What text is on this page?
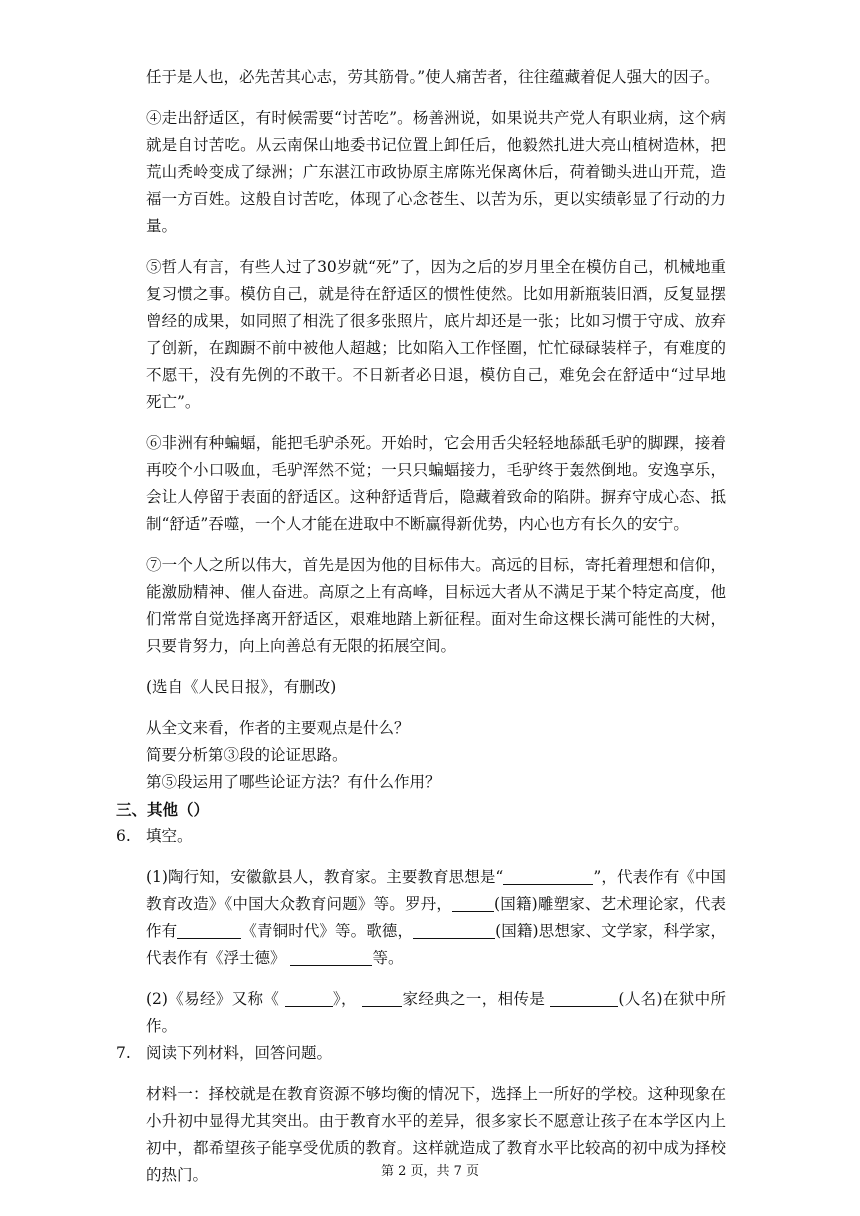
任于是人也，必先苦其心志，劳其筋骨。”使人痛苦者，往往蕴藏着促人强大的因子。

④走出舒适区，有时候需要“讨苦吃”。杨善洲说，如果说共产党人有职业病，这个病就是自讨苦吃。从云南保山地委书记位置上卸任后，他毅然扎进大亮山植树造林，把荒山秃岭变成了绿洲；广东湛江市政协原主席陈光保离休后，荷着锄头进山开荒，造福一方百姓。这般自讨苦吃，体现了心念苍生、以苦为乐，更以实绩彰显了行动的力量。

⑤哲人有言，有些人过了30岁就“死”了，因为之后的岁月里全在模仿自己，机械地重复习惯之事。模仿自己，就是待在舒适区的惯性使然。比如用新瓶装旧酒，反复显摆曾经的成果，如同照了相洗了很多张照片，底片却还是一张；比如习惯于守成、放弃了创新，在踟蹰不前中被他人超越；比如陷入工作怪圈，忙忙碌碌装样子，有难度的不愿干，没有先例的不敢干。不日新者必日退，模仿自己，难免会在舒适中“过早地死亡”。

⑥非洲有种蝙蝠，能把毛驴杀死。开始时，它会用舌尖轻轻地舔舐毛驴的脚踝，接着再咬个小口吸血，毛驴浑然不觉；一只只蝙蝠接力，毛驴终于轰然倒地。安逸享乐，会让人停留于表面的舒适区。这种舒适背后，隐藏着致命的陷阱。摒弃守成心态、抵制“舒适”吞噬，一个人才能在进取中不断赢得新优势，内心也方有长久的安宁。

⑦一个人之所以伟大，首先是因为他的目标伟大。高远的目标，寄托着理想和信仰，能激励精神、催人奋进。高原之上有高峰，目标远大者从不满足于某个特定高度，他们常常自觉选择离开舒适区，艰难地踏上新征程。面对生命这棵长满可能性的大树，只要肯努力，向上向善总有无限的拓展空间。

(选自《人民日报》，有删改)

从全文来看，作者的主要观点是什么？

简要分析第③段的论证思路。

第⑤段运用了哪些论证方法？有什么作用？

三、其他（）

6. 填空。

(1)陶行知，安徽歙县人，教育家。主要教育思想是“	”，代表作有《中国教育改造》《中国大众教育问题》等。罗丹，	(国籍)雕塑家、艺术理论家，代表作有	《青铜时代》等。歌德，	(国籍)思想家、文学家，科学家，代表作有《浮士德》	等。

(2)《易经》又称《	》，	家经典之一，相传是	(人名)在狱中所作。

7. 阅读下列材料，回答问题。

材料一：择校就是在教育资源不够均衡的情况下，选择上一所好的学校。这种现象在小升初中显得尤其突出。由于教育水平的差异，很多家长不愿意让孩子在本学区内上初中，都希望孩子能享受优质的教育。这样就造成了教育水平比较高的初中成为择校的热门。	第 2 页，共 7 页
